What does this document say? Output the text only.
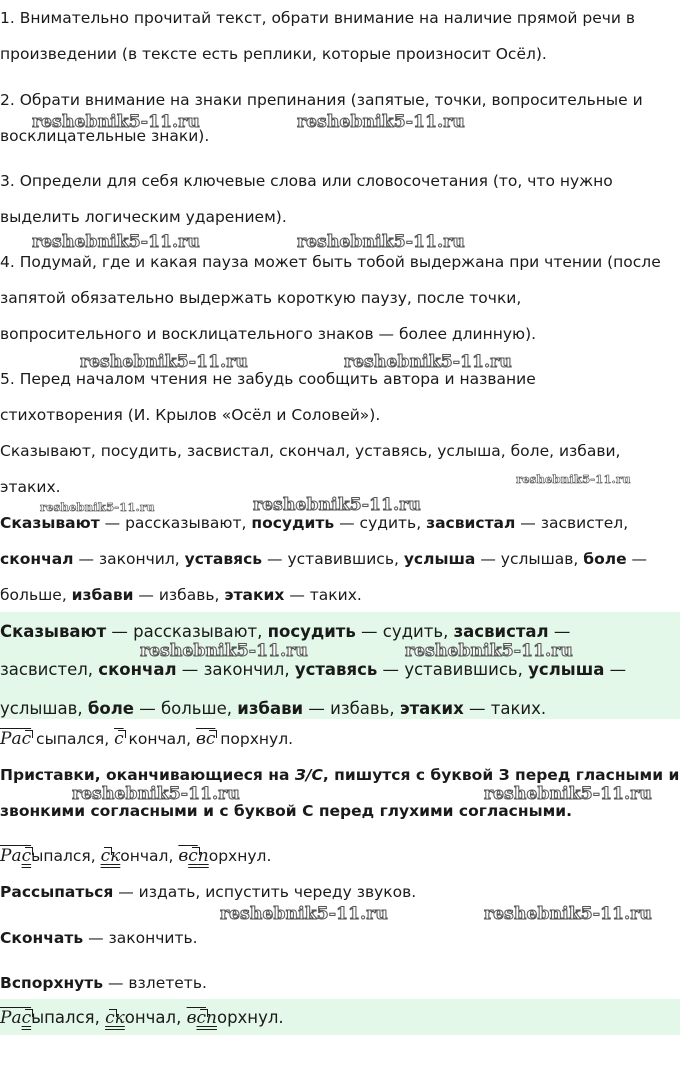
1. Внимательно прочитай текст, обрати внимание на наличие прямой речи в
произведении (в тексте есть реплики, которые произносит Осёл).
2. Обрати внимание на знаки препинания (запятые, точки, вопросительные и
восклицательные знаки).
3. Определи для себя ключевые слова или словосочетания (то, что нужно
выделить логическим ударением).
4. Подумай, где и какая пауза может быть тобой выдержана при чтении (после
запятой обязательно выдержать короткую паузу, после точки,
вопросительного и восклицательного знаков — более длинную).
5. Перед началом чтения не забудь сообщить автора и название
стихотворения (И. Крылов «Осёл и Соловей»).
Сказывают, посудить, засвистал, скончал, уставясь, услыша, боле, избави,
этаких.
Сказывают — рассказывают, посудить — судить, засвистал — засвистел,
скончал — закончил, уставясь — уставившись, услыша — услышав, боле —
больше, избави — избавь, этаких — таких.
Сказывают — рассказывают, посудить — судить, засвистал —
засвистел, скончал — закончил, уставясь — уставившись, услыша —
услышав, боле — больше, избави — избавь, этаких — таких.
Рас сыпался, с кончал, вс порхнул.
Приставки, оканчивающиеся на З/С, пишутся с буквой З перед гласными и
звонкими согласными и с буквой С перед глухими согласными.
Расыпался, скончал, вспорхнул.
Рассыпаться — издать, испустить череду звуков.
Скончать — закончить.
Вспорхнуть — взлететь.
Расыпался, скончал, вспорхнул.
reshebnik5-11.ru	reshebnik5-11.ru
reshebnik5-11.ru	reshebnik5-11.ru
reshebnik5-11.ru	reshebnik5-11.ru
reshebnik5-11.ru
reshebnik5-11.ru	reshebnik5-11.ru
reshebnik5-11.ru	reshebnik5-11.ru
reshebnik5-11.ru	reshebnik5-11.ru
reshebnik5-11.ru	reshebnik5-11.ru
